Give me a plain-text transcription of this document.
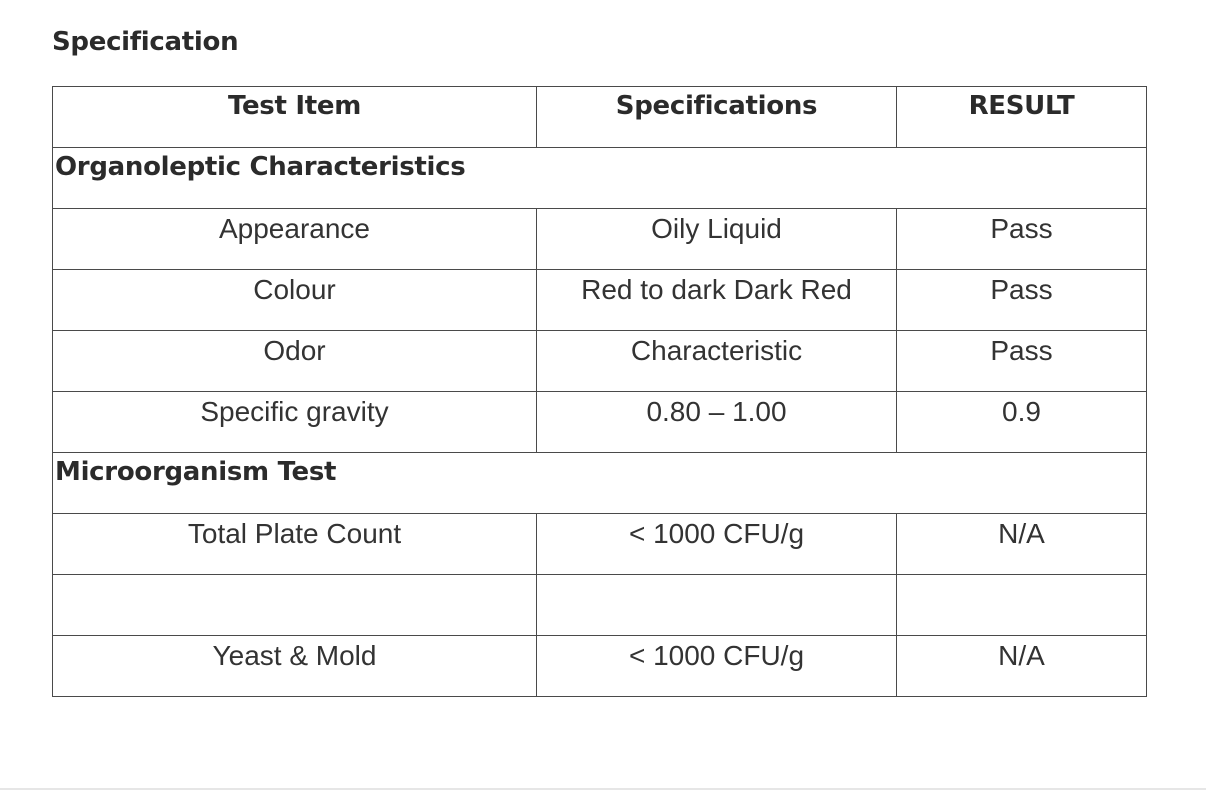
Specification
Test Item	Specifications	RESULT
Organoleptic Characteristics		
Appearance	Oily Liquid	Pass
Colour	Red to dark Dark Red	Pass
Odor	Characteristic	Pass
Specific gravity	0.80 – 1.00	0.9
Microorganism Test		
Total Plate Count	< 1000 CFU/g	N/A

Yeast & Mold	< 1000 CFU/g	N/A
